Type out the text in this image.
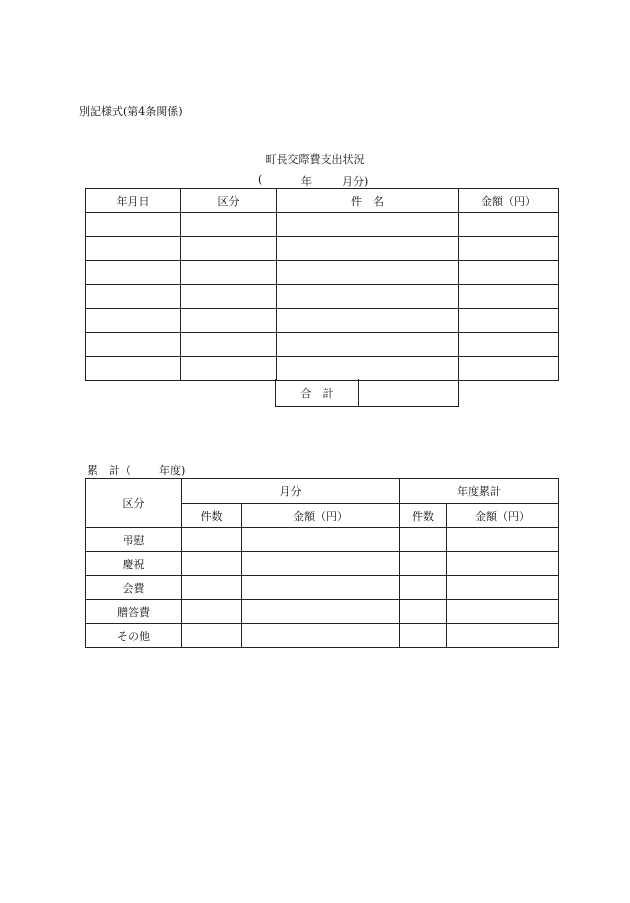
別記様式(第4条関係)
町長交際費支出状況
(	年	月分)
年月日	区分	件　名	金額（円）

合　計	
累 計（	年度)
区分	月分		年度累計	
	件数	金額（円）	件数	金額（円）
弔慰				
慶祝				
会費				
贈答費				
その他				
